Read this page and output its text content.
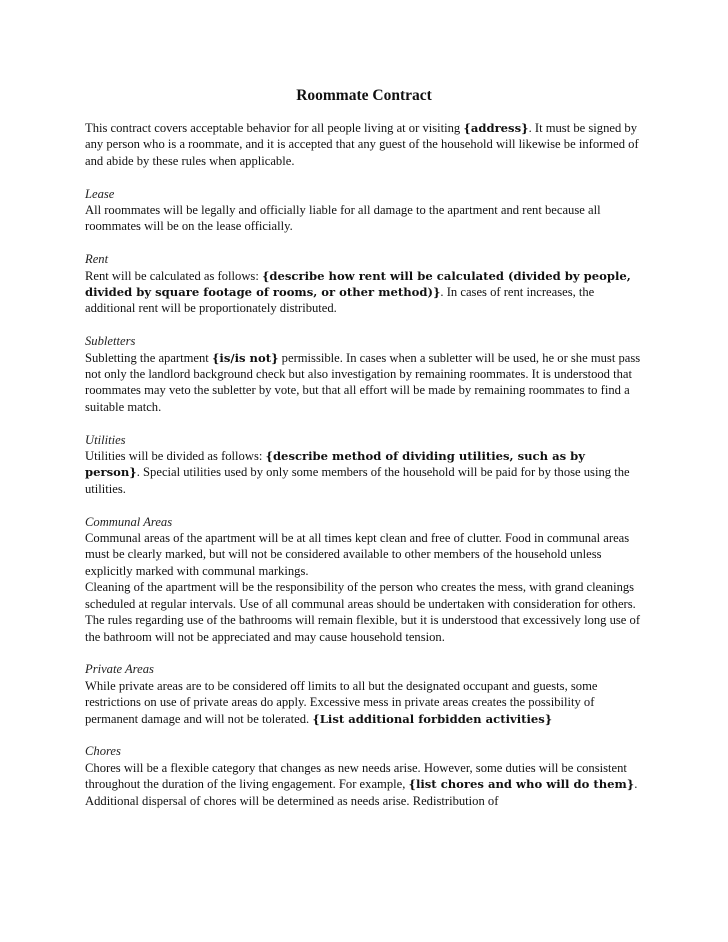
Roommate Contract

This contract covers acceptable behavior for all people living at or visiting {address}. It must be signed by any person who is a roommate, and it is accepted that any guest of the household will likewise be informed of and abide by these rules when applicable.

Lease

All roommates will be legally and officially liable for all damage to the apartment and rent because all roommates will be on the lease officially.

Rent

Rent will be calculated as follows: {describe how rent will be calculated (divided by people, divided by square footage of rooms, or other method)}. In cases of rent increases, the additional rent will be proportionately distributed.

Subletters

Subletting the apartment {is/is not} permissible. In cases when a subletter will be used, he or she must pass not only the landlord background check but also investigation by remaining roommates. It is understood that roommates may veto the subletter by vote, but that all effort will be made by remaining roommates to find a suitable match.

Utilities

Utilities will be divided as follows: {describe method of dividing utilities, such as by person}. Special utilities used by only some members of the household will be paid for by those using the utilities.

Communal Areas

Communal areas of the apartment will be at all times kept clean and free of clutter. Food in communal areas must be clearly marked, but will not be considered available to other members of the household unless explicitly marked with communal markings.

Cleaning of the apartment will be the responsibility of the person who creates the mess, with grand cleanings scheduled at regular intervals. Use of all communal areas should be undertaken with consideration for others.

The rules regarding use of the bathrooms will remain flexible, but it is understood that excessively long use of the bathroom will not be appreciated and may cause household tension.

Private Areas

While private areas are to be considered off limits to all but the designated occupant and guests, some restrictions on use of private areas do apply. Excessive mess in private areas creates the possibility of permanent damage and will not be tolerated. {List additional forbidden activities}

Chores

Chores will be a flexible category that changes as new needs arise. However, some duties will be consistent throughout the duration of the living engagement. For example, {list chores and who will do them}. Additional dispersal of chores will be determined as needs arise. Redistribution of
